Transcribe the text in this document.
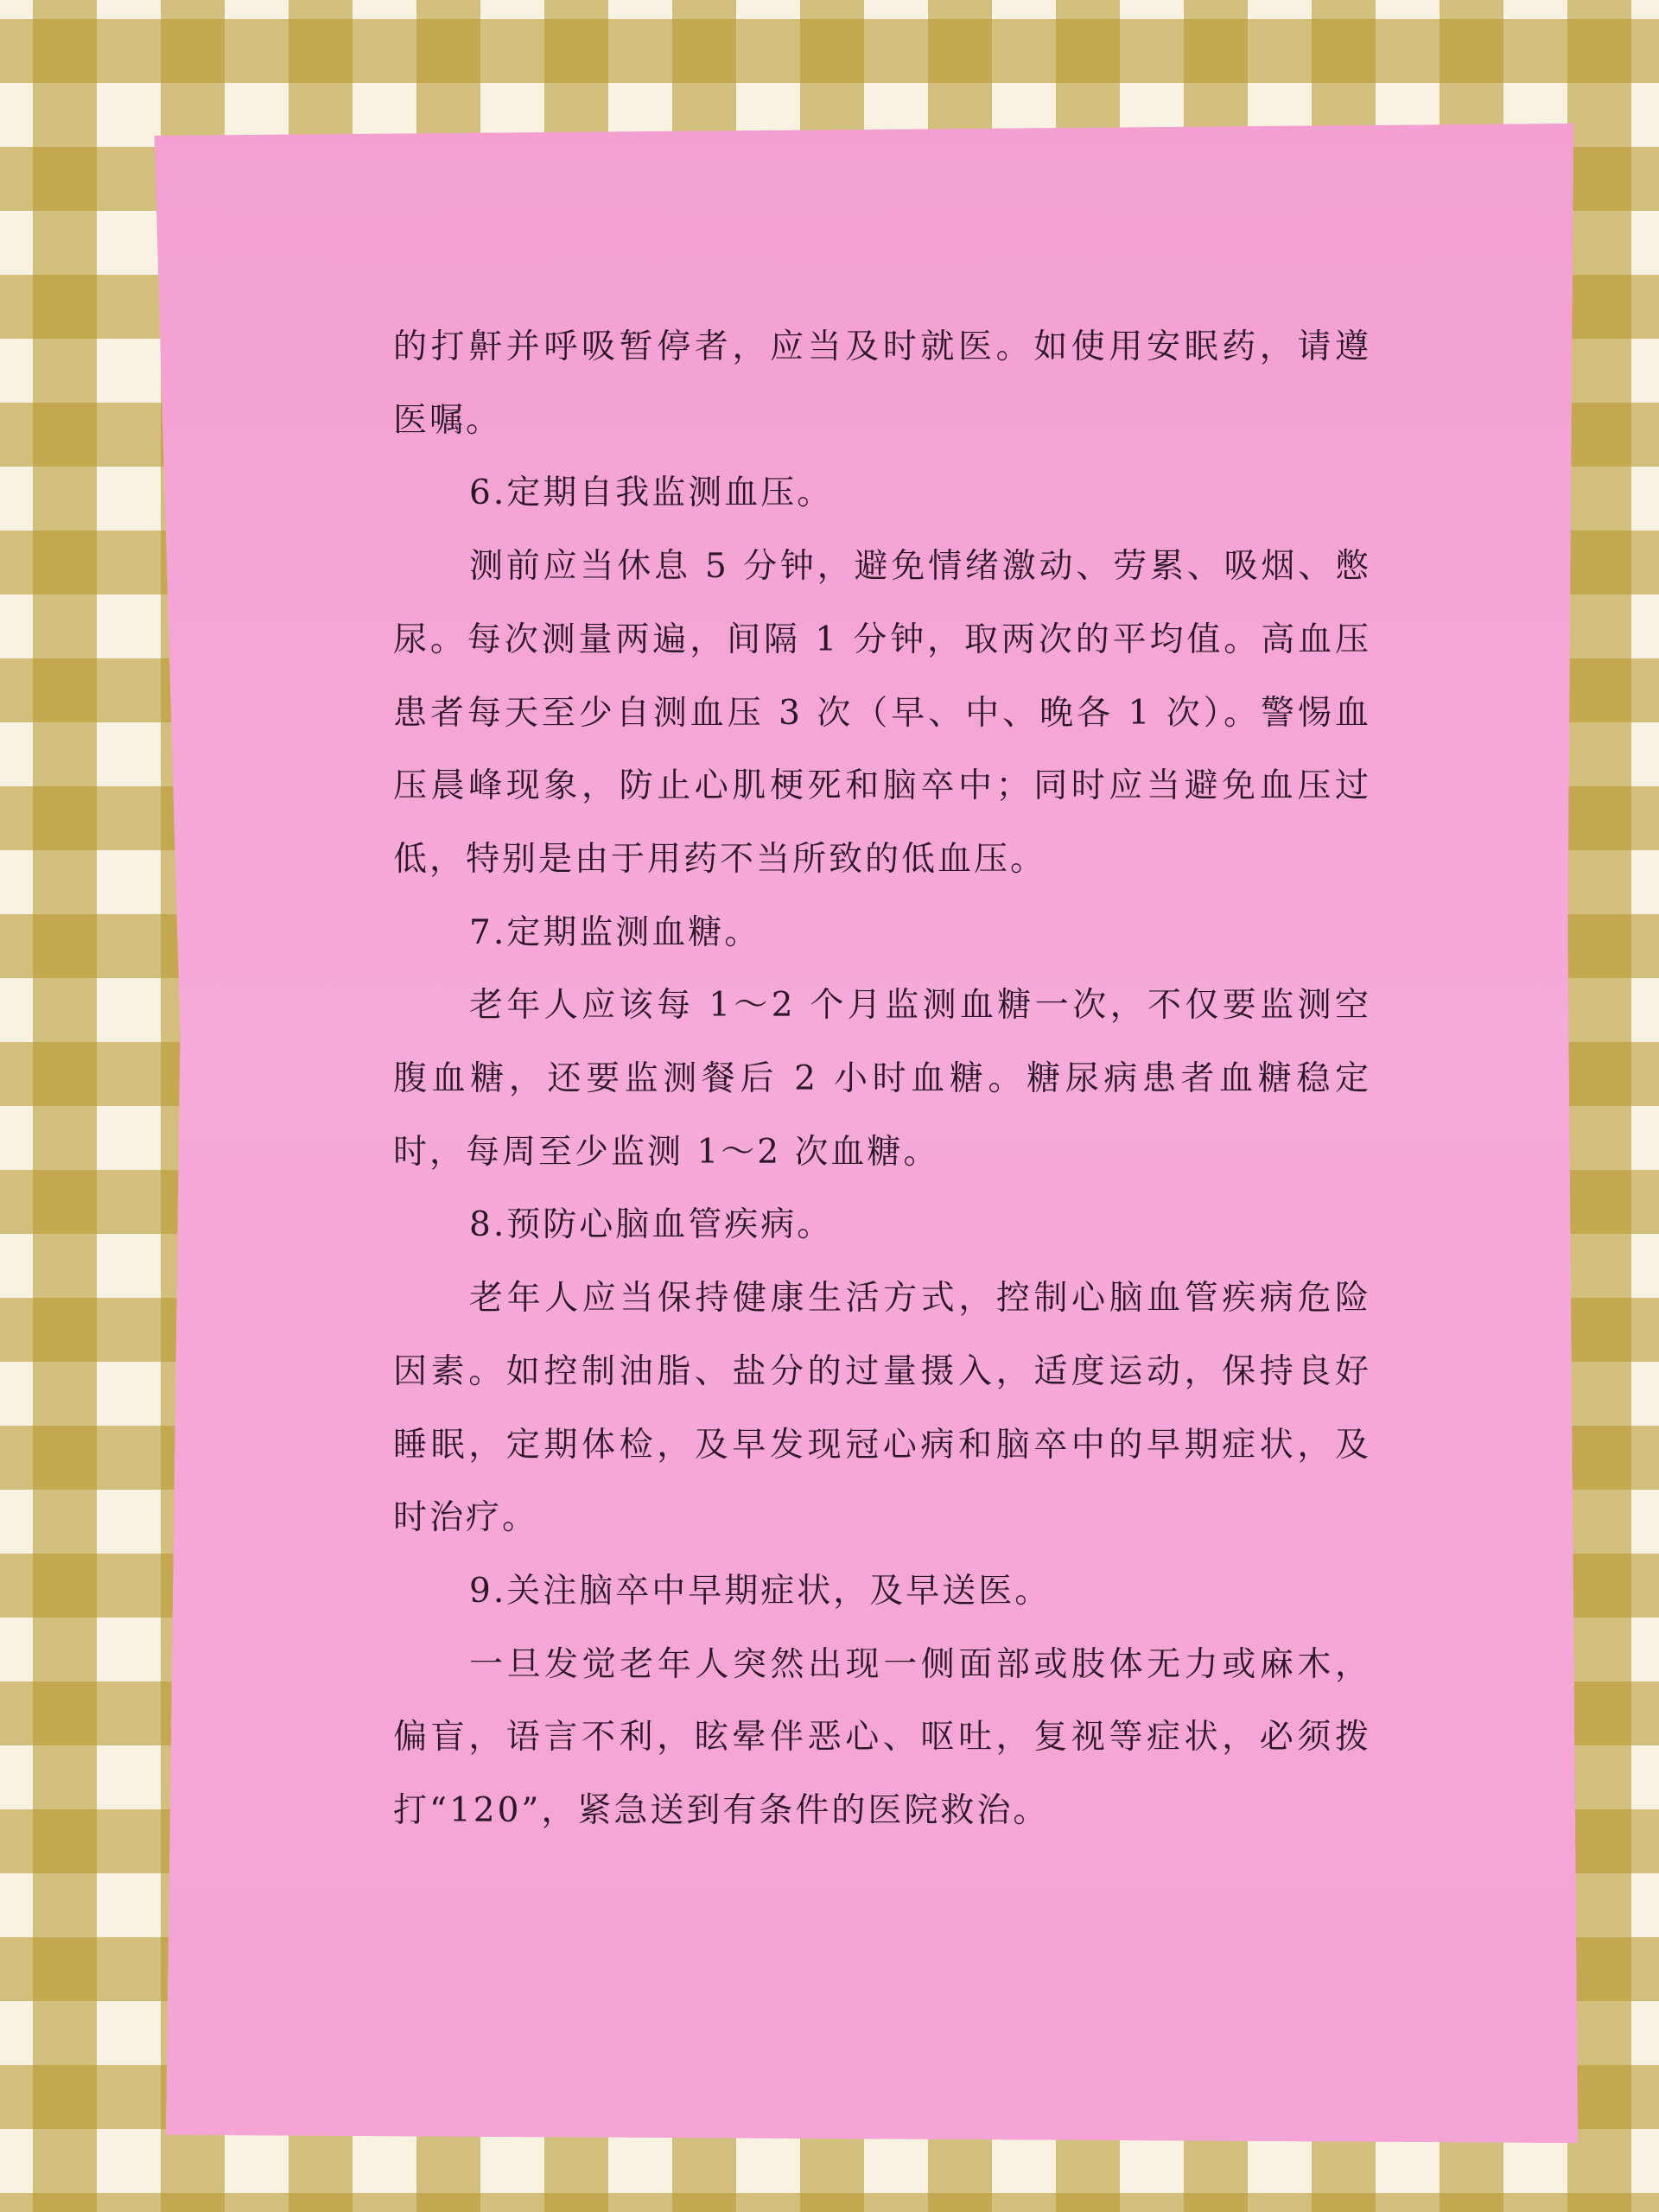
的打鼾并呼吸暂停者，应当及时就医。如使用安眠药，请遵医嘱。

6.定期自我监测血压。

测前应当休息 5 分钟，避免情绪激动、劳累、吸烟、憋尿。每次测量两遍，间隔 1 分钟，取两次的平均值。高血压患者每天至少自测血压 3 次（早、中、晚各 1 次）。警惕血压晨峰现象，防止心肌梗死和脑卒中；同时应当避免血压过低，特别是由于用药不当所致的低血压。

7.定期监测血糖。

老年人应该每 1～2 个月监测血糖一次，不仅要监测空腹血糖，还要监测餐后 2 小时血糖。糖尿病患者血糖稳定时，每周至少监测 1～2 次血糖。

8.预防心脑血管疾病。

老年人应当保持健康生活方式，控制心脑血管疾病危险因素。如控制油脂、盐分的过量摄入，适度运动，保持良好睡眠，定期体检，及早发现冠心病和脑卒中的早期症状，及时治疗。

9.关注脑卒中早期症状，及早送医。

一旦发觉老年人突然出现一侧面部或肢体无力或麻木，偏盲，语言不利，眩晕伴恶心、呕吐，复视等症状，必须拨打“120”，紧急送到有条件的医院救治。
